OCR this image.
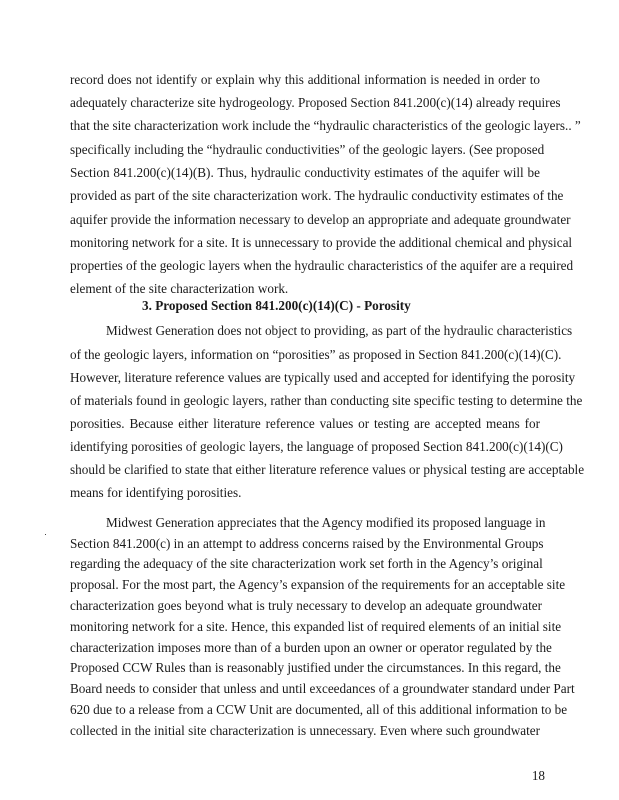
record does not identify or explain why this additional information is needed in order to
adequately characterize site hydrogeology. Proposed Section 841.200(c)(14) already requires
that the site characterization work include the “hydraulic characteristics of the geologic layers.. ”
specifically including the “hydraulic conductivities” of the geologic layers. (See proposed
Section 841.200(c)(14)(B). Thus, hydraulic conductivity estimates of the aquifer will be
provided as part of the site characterization work. The hydraulic conductivity estimates of the
aquifer provide the information necessary to develop an appropriate and adequate groundwater
monitoring network for a site. It is unnecessary to provide the additional chemical and physical
properties of the geologic layers when the hydraulic characteristics of the aquifer are a required
element of the site characterization work.
3. Proposed Section 841.200(c)(14)(C) - Porosity
Midwest Generation does not object to providing, as part of the hydraulic characteristics
of the geologic layers, information on “porosities” as proposed in Section 841.200(c)(14)(C).
However, literature reference values are typically used and accepted for identifying the porosity
of materials found in geologic layers, rather than conducting site specific testing to determine the
porosities. Because either literature reference values or testing are accepted means for
identifying porosities of geologic layers, the language of proposed Section 841.200(c)(14)(C)
should be clarified to state that either literature reference values or physical testing are acceptable
means for identifying porosities.
Midwest Generation appreciates that the Agency modified its proposed language in
Section 841.200(c) in an attempt to address concerns raised by the Environmental Groups
regarding the adequacy of the site characterization work set forth in the Agency’s original
proposal. For the most part, the Agency’s expansion of the requirements for an acceptable site
characterization goes beyond what is truly necessary to develop an adequate groundwater
monitoring network for a site. Hence, this expanded list of required elements of an initial site
characterization imposes more than of a burden upon an owner or operator regulated by the
Proposed CCW Rules than is reasonably justified under the circumstances. In this regard, the
Board needs to consider that unless and until exceedances of a groundwater standard under Part
620 due to a release from a CCW Unit are documented, all of this additional information to be
collected in the initial site characterization is unnecessary. Even where such groundwater
18
